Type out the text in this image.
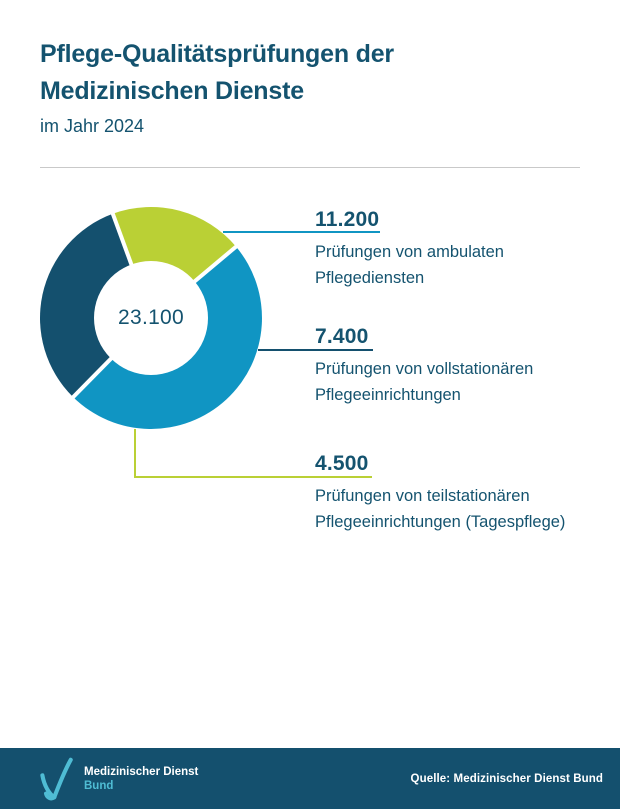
Pflege-Qualitätsprüfungen der
Medizinischen Dienste
im Jahr 2024
23.100
11.200
Prüfungen von ambulaten
Pflegediensten
7.400
Prüfungen von vollstationären
Pflegeeinrichtungen
4.500
Prüfungen von teilstationären
Pflegeeinrichtungen (Tagespflege)
Medizinischer Dienst
Bund
Quelle: Medizinischer Dienst Bund
